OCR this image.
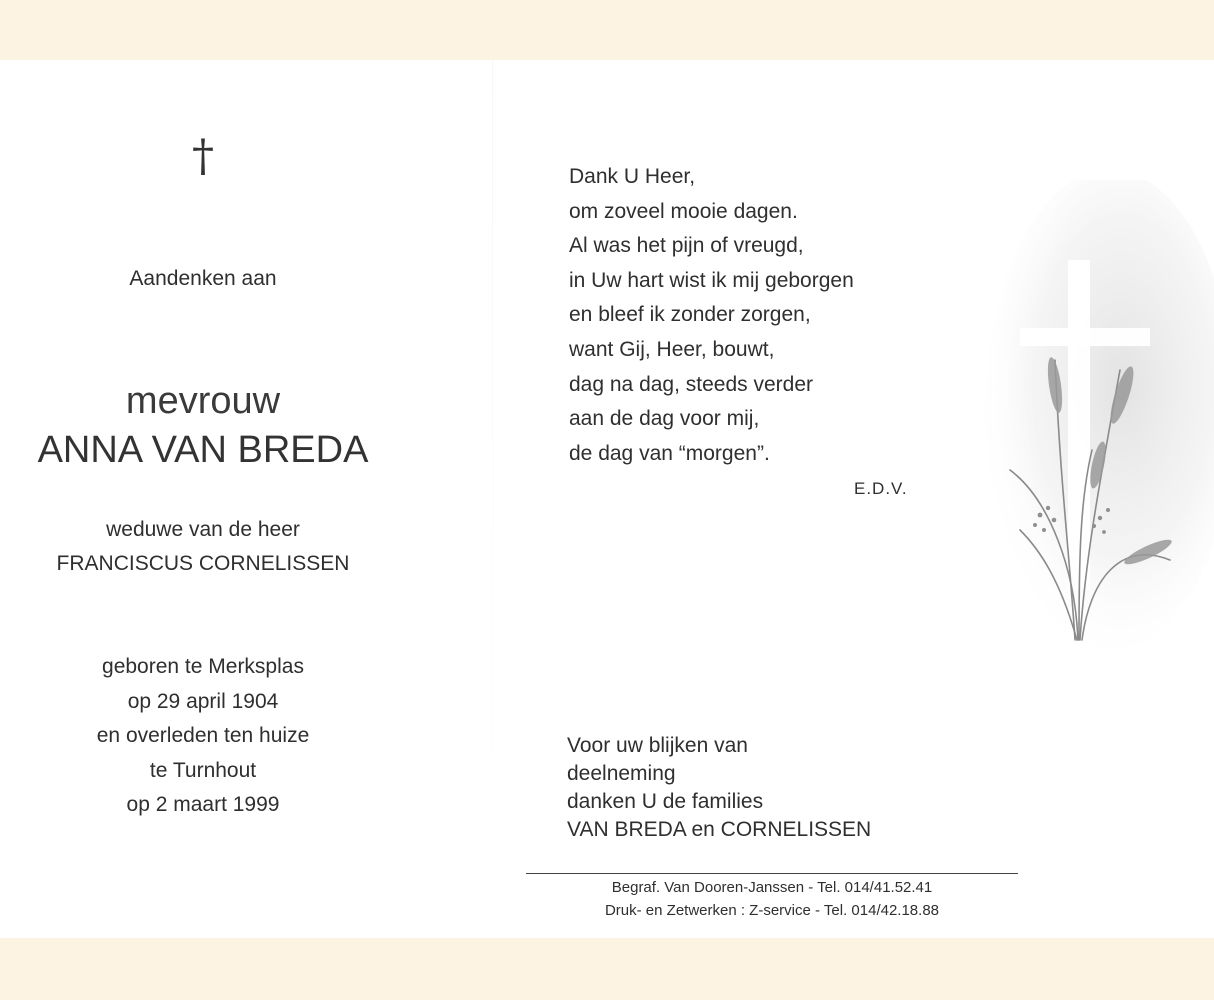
†

Aandenken aan

mevrouw

ANNA VAN BREDA

weduwe van de heer

FRANCISCUS CORNELISSEN

geboren te Merksplas
op 29 april 1904
en overleden ten huize
te Turnhout
op 2 maart 1999
Dank U Heer,
om zoveel mooie dagen.
Al was het pijn of vreugd,
in Uw hart wist ik mij geborgen
en bleef ik zonder zorgen,
want Gij, Heer, bouwt,
dag na dag, steeds verder
aan de dag voor mij,
de dag van “morgen”.
E.D.V.
Voor uw blijken van
deelneming
danken U de families
VAN BREDA en CORNELISSEN
Begraf. Van Dooren-Janssen - Tel. 014/41.52.41
Druk- en Zetwerken : Z-service - Tel. 014/42.18.88
